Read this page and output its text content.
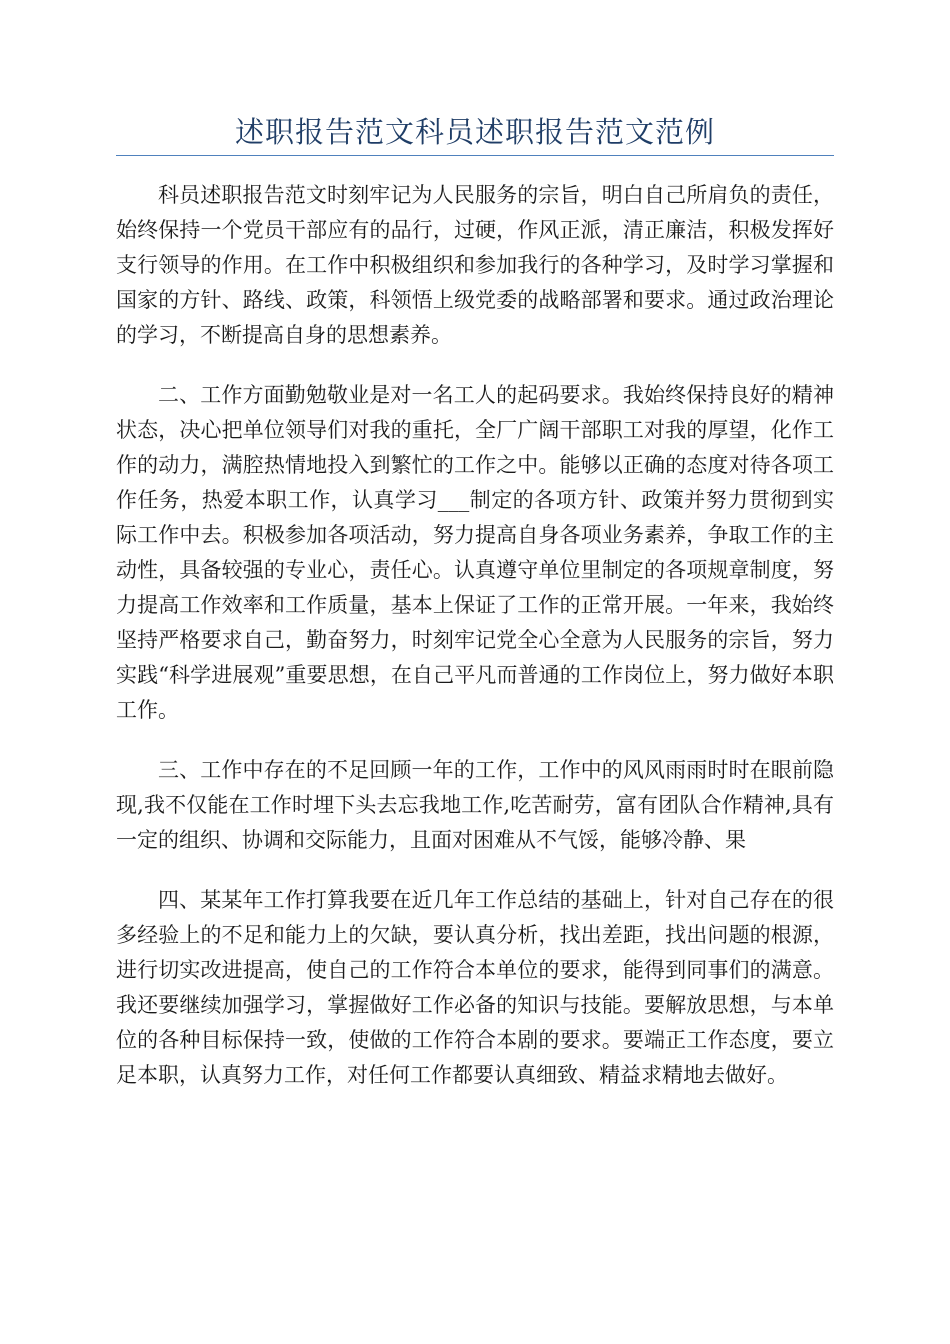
述职报告范文科员述职报告范文范例

科员述职报告范文时刻牢记为人民服务的宗旨，明白自己所肩负的责任，始终保持一个党员干部应有的品行，过硬，作风正派，清正廉洁，积极发挥好支行领导的作用。在工作中积极组织和参加我行的各种学习，及时学习掌握和国家的方针、路线、政策，科领悟上级党委的战略部署和要求。通过政治理论的学习，不断提高自身的思想素养。

二、工作方面勤勉敬业是对一名工人的起码要求。我始终保持良好的精神状态，决心把单位领导们对我的重托，全厂广阔干部职工对我的厚望，化作工作的动力，满腔热情地投入到繁忙的工作之中。能够以正确的态度对待各项工作任务，热爱本职工作，认真学习___制定的各项方针、政策并努力贯彻到实际工作中去。积极参加各项活动，努力提高自身各项业务素养，争取工作的主动性，具备较强的专业心，责任心。认真遵守单位里制定的各项规章制度，努力提高工作效率和工作质量，基本上保证了工作的正常开展。一年来，我始终坚持严格要求自己，勤奋努力，时刻牢记党全心全意为人民服务的宗旨，努力实践“科学进展观”重要思想，在自己平凡而普通的工作岗位上，努力做好本职工作。

三、工作中存在的不足回顾一年的工作，工作中的风风雨雨时时在眼前隐现,我不仅能在工作时埋下头去忘我地工作,吃苦耐劳，富有团队合作精神,具有一定的组织、协调和交际能力，且面对困难从不气馁，能够冷静、果

四、某某年工作打算我要在近几年工作总结的基础上，针对自己存在的很多经验上的不足和能力上的欠缺，要认真分析，找出差距，找出问题的根源，进行切实改进提高，使自己的工作符合本单位的要求，能得到同事们的满意。我还要继续加强学习，掌握做好工作必备的知识与技能。要解放思想，与本单位的各种目标保持一致，使做的工作符合本剧的要求。要端正工作态度，要立足本职，认真努力工作，对任何工作都要认真细致、精益求精地去做好。
